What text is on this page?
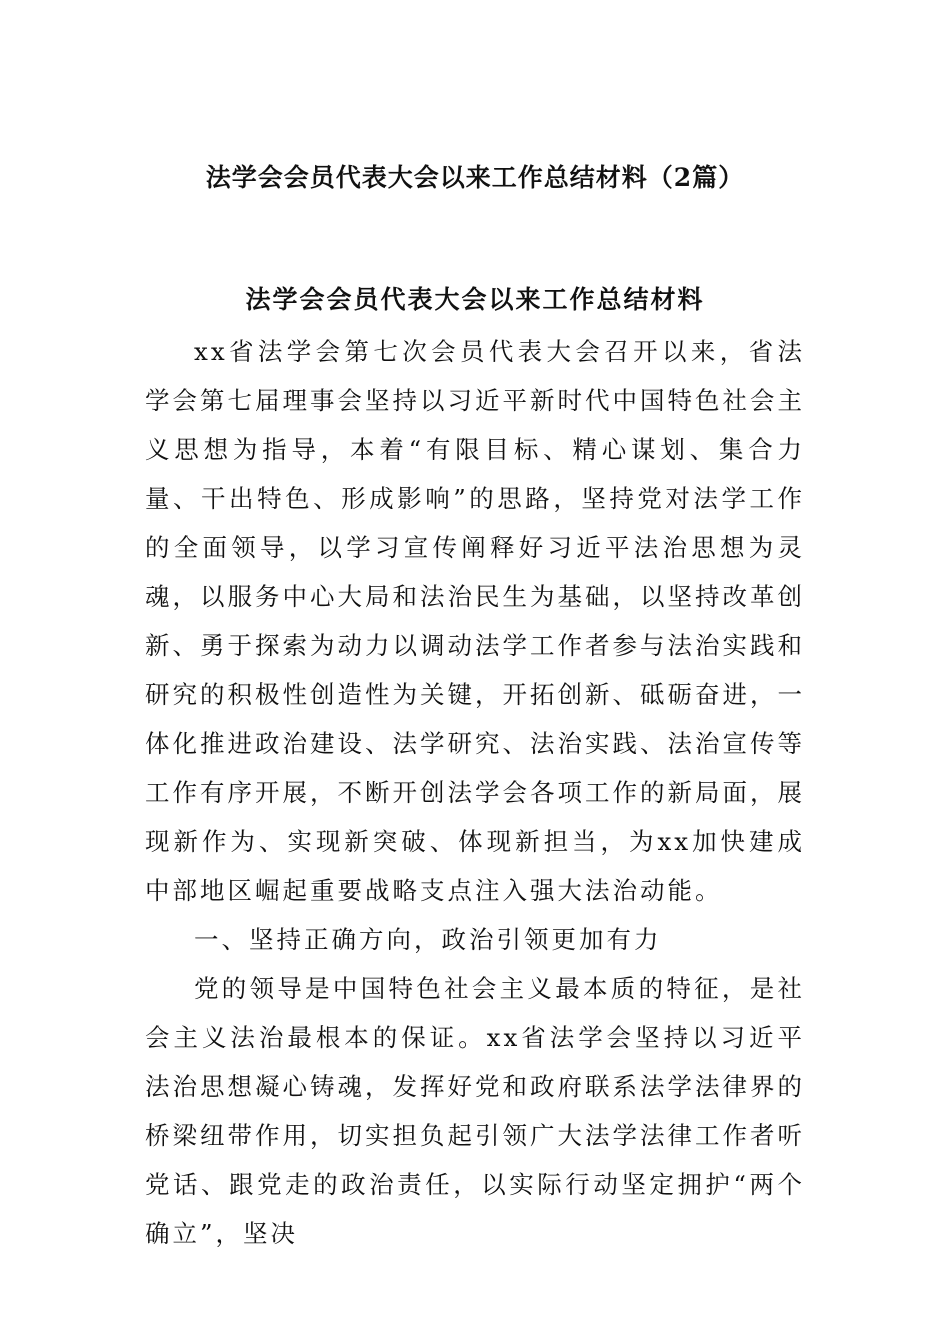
法学会会员代表大会以来工作总结材料（2篇）
法学会会员代表大会以来工作总结材料

xx省法学会第七次会员代表大会召开以来，省法学会第七届理事会坚持以习近平新时代中国特色社会主义思想为指导，本着“有限目标、精心谋划、集合力量、干出特色、形成影响”的思路，坚持党对法学工作的全面领导，以学习宣传阐释好习近平法治思想为灵魂，以服务中心大局和法治民生为基础，以坚持改革创新、勇于探索为动力以调动法学工作者参与法治实践和研究的积极性创造性为关键，开拓创新、砥砺奋进，一体化推进政治建设、法学研究、法治实践、法治宣传等工作有序开展，不断开创法学会各项工作的新局面，展现新作为、实现新突破、体现新担当，为xx加快建成中部地区崛起重要战略支点注入强大法治动能。

一、坚持正确方向，政治引领更加有力

党的领导是中国特色社会主义最本质的特征，是社会主义法治最根本的保证。xx省法学会坚持以习近平法治思想凝心铸魂，发挥好党和政府联系法学法律界的桥梁纽带作用，切实担负起引领广大法学法律工作者听党话、跟党走的政治责任，以实际行动坚定拥护“两个确立”，坚决
